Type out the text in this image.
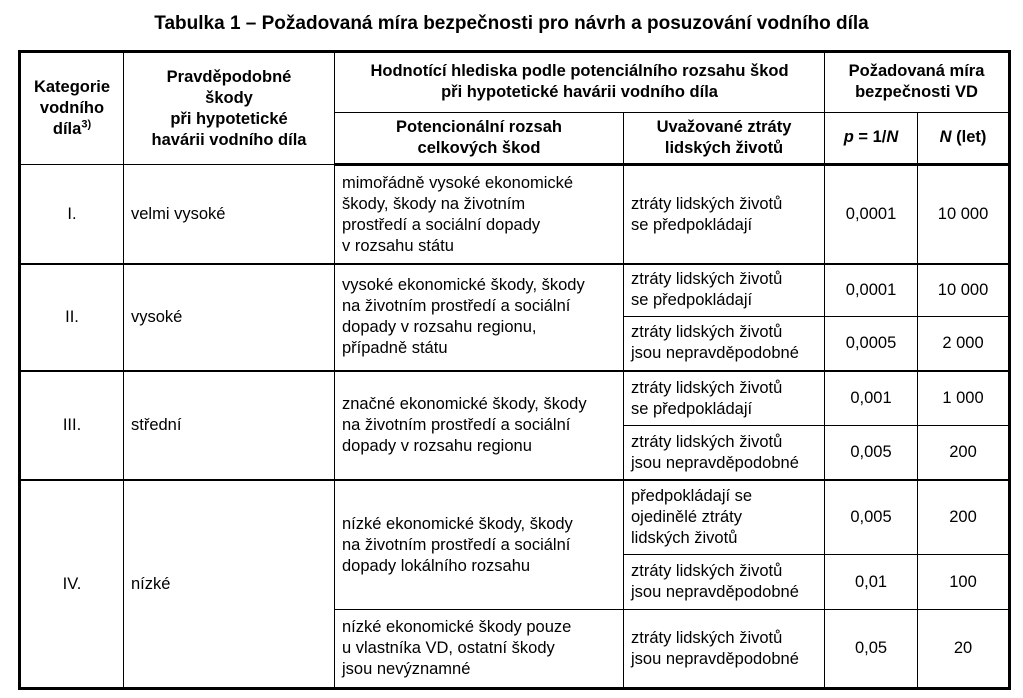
Tabulka 1 – Požadovaná míra bezpečnosti pro návrh a posuzování vodního díla
Kategorie
vodního
díla$^{3)}$	Pravděpodobné
škody
při hypotetické
havárii vodního díla	Hodnotící hlediska podle potenciálního rozsahu škod
při hypotetické havárii vodního díla		Požadovaná míra
bezpečnosti VD	

		Potencionální rozsah
celkových škod	Uvažované ztráty
lidských životů	p = 1/N	N (let)
I.	velmi vysoké	mimořádně vysoké ekonomické
škody, škody na životním
prostředí a sociální dopady
v rozsahu státu	ztráty lidských životů
se předpokládají	0,0001	10 000
II.	vysoké	vysoké ekonomické škody, škody
na životním prostředí a sociální
dopady v rozsahu regionu,
případně státu	ztráty lidských životů
se předpokládají	0,0001	10 000

			ztráty lidských životů
jsou nepravděpodobné	0,0005	2 000
III.	střední	značné ekonomické škody, škody
na životním prostředí a sociální
dopady v rozsahu regionu	ztráty lidských životů
se předpokládají	0,001	1 000

			ztráty lidských životů
jsou nepravděpodobné	0,005	200
IV.	nízké	nízké ekonomické škody, škody
na životním prostředí a sociální
dopady lokálního rozsahu	předpokládají se
ojedinělé ztráty
lidských životů	0,005	200

			ztráty lidských životů
jsou nepravděpodobné	0,01	100

		nízké ekonomické škody pouze
u vlastníka VD, ostatní škody
jsou nevýznamné	ztráty lidských životů
jsou nepravděpodobné	0,05	20
